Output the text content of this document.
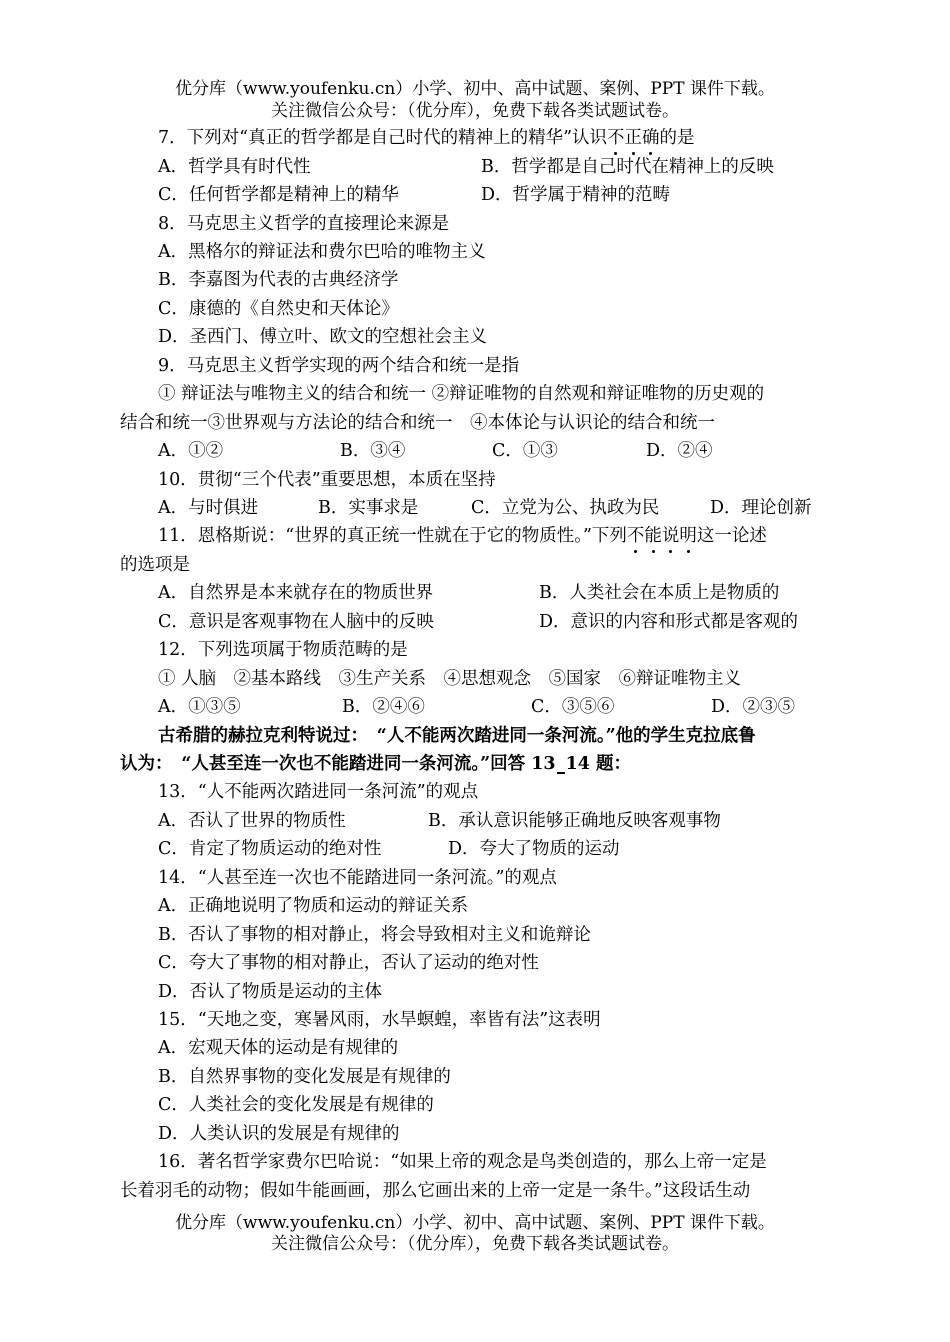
优分库（www.youfenku.cn）小学、初中、高中试题、案例、PPT 课件下载。
关注微信公众号：（优分库），免费下载各类试题试卷。
7．下列对“真正的哲学都是自己时代的精神上的精华”认识不正确的是
A．哲学具有时代性	B．哲学都是自己时代在精神上的反映
C．任何哲学都是精神上的精华	D．哲学属于精神的范畴
8．马克思主义哲学的直接理论来源是
A．黑格尔的辩证法和费尔巴哈的唯物主义
B．李嘉图为代表的古典经济学
C．康德的《自然史和天体论》
D．圣西门、傅立叶、欧文的空想社会主义
9．马克思主义哲学实现的两个结合和统一是指
① 辩证法与唯物主义的结合和统一 ②辩证唯物的自然观和辩证唯物的历史观的
结合和统一③世界观与方法论的结合和统一　④本体论与认识论的结合和统一
A．①②	B．③④	C．①③	D．②④
10．贯彻“三个代表”重要思想，本质在坚持
A．与时俱进	B．实事求是	C．立党为公、执政为民	D．理论创新
11．恩格斯说：“世界的真正统一性就在于它的物质性。”下列不能说明这一论述
的选项是
A．自然界是本来就存在的物质世界	B．人类社会在本质上是物质的
C．意识是客观事物在人脑中的反映	D．意识的内容和形式都是客观的
12．下列选项属于物质范畴的是
① 人脑　②基本路线　③生产关系　④思想观念　⑤国家　⑥辩证唯物主义
A．①③⑤	B．②④⑥	C．③⑤⑥	D．②③⑤
古希腊的赫拉克利特说过：　“人不能两次踏进同一条河流。”他的学生克拉底鲁
认为：　“人甚至连一次也不能踏进同一条河流。”回答 13 14 题：
13．“人不能两次踏进同一条河流”的观点
A．否认了世界的物质性	B．承认意识能够正确地反映客观事物
C．肯定了物质运动的绝对性	D．夸大了物质的运动
14．“人甚至连一次也不能踏进同一条河流。”的观点
A．正确地说明了物质和运动的辩证关系
B．否认了事物的相对静止，将会导致相对主义和诡辩论
C．夸大了事物的相对静止，否认了运动的绝对性
D．否认了物质是运动的主体
15．“天地之变，寒暑风雨，水旱螟蝗，率皆有法”这表明
A．宏观天体的运动是有规律的
B．自然界事物的变化发展是有规律的
C．人类社会的变化发展是有规律的
D．人类认识的发展是有规律的
16．著名哲学家费尔巴哈说：“如果上帝的观念是鸟类创造的，那么上帝一定是
长着羽毛的动物；假如牛能画画，那么它画出来的上帝一定是一条牛。”这段话生动
优分库（www.youfenku.cn）小学、初中、高中试题、案例、PPT 课件下载。
关注微信公众号：（优分库），免费下载各类试题试卷。
